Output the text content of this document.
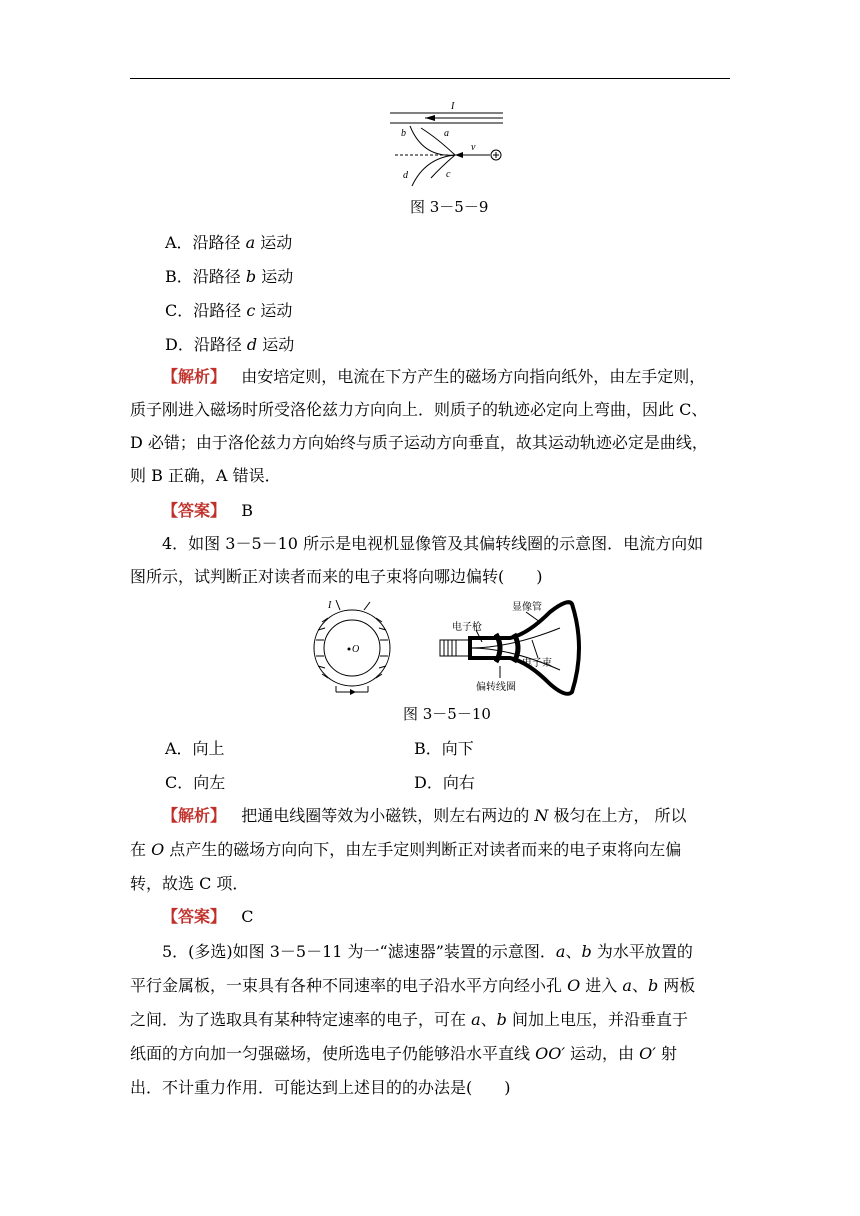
I
a
b
c
d
v
图 3－5－9
A．沿路径 a 运动
B．沿路径 b 运动
C．沿路径 c 运动
D．沿路径 d 运动
【解析】 由安培定则，电流在下方产生的磁场方向指向纸外，由左手定则，
质子刚进入磁场时所受洛伦兹力方向向上．则质子的轨迹必定向上弯曲，因此 C、
D 必错；由于洛伦兹力方向始终与质子运动方向垂直，故其运动轨迹必定是曲线，
则 B 正确，A 错误．
【答案】 B
4．如图 3－5－10 所示是电视机显像管及其偏转线圈的示意图．电流方向如
图所示，试判断正对读者而来的电子束将向哪边偏转(　　)
I
O
电子枪
显像管
电子束
偏转线圈
图 3－5－10
A．向上	B．向下
C．向左	D．向右
【解析】 把通电线圈等效为小磁铁，则左右两边的 N 极匀在上方， 所以
在 O 点产生的磁场方向向下，由左手定则判断正对读者而来的电子束将向左偏
转，故选 C 项．
【答案】 C
5．(多选)如图 3－5－11 为一“滤速器”装置的示意图．a、b 为水平放置的
平行金属板，一束具有各种不同速率的电子沿水平方向经小孔 O 进入 a、b 两板
之间．为了选取具有某种特定速率的电子，可在 a、b 间加上电压，并沿垂直于
纸面的方向加一匀强磁场，使所选电子仍能够沿水平直线 OO′ 运动，由 O′ 射
出．不计重力作用．可能达到上述目的的办法是(　　)
